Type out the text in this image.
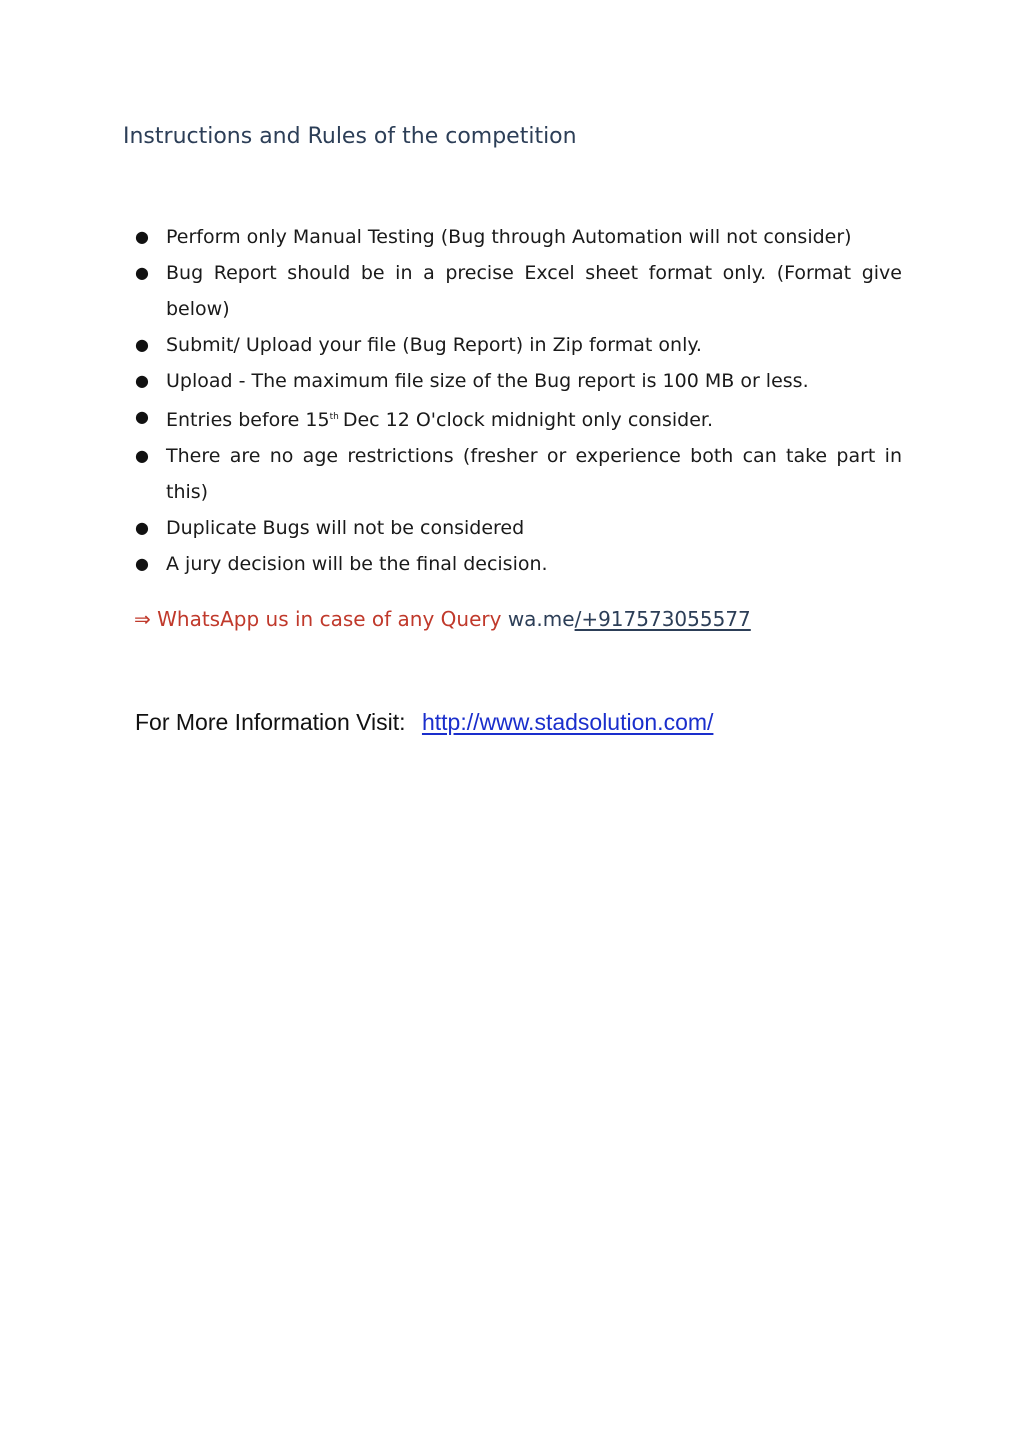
Instructions and Rules of the competition
● Perform only Manual Testing (Bug through Automation will not consider)
● Bug Report should be in a precise Excel sheet format only. (Format give below)
● Submit/ Upload your file (Bug Report) in Zip format only.
● Upload - The maximum file size of the Bug report is 100 MB or less.
● Entries before 15th Dec 12 O'clock midnight only consider.
● There are no age restrictions (fresher or experience both can take part in this)
● Duplicate Bugs will not be considered
● A jury decision will be the final decision.
⇒ WhatsApp us in case of any Query wa.me/+917573055577
For More Information Visit: http://www.stadsolution.com/
